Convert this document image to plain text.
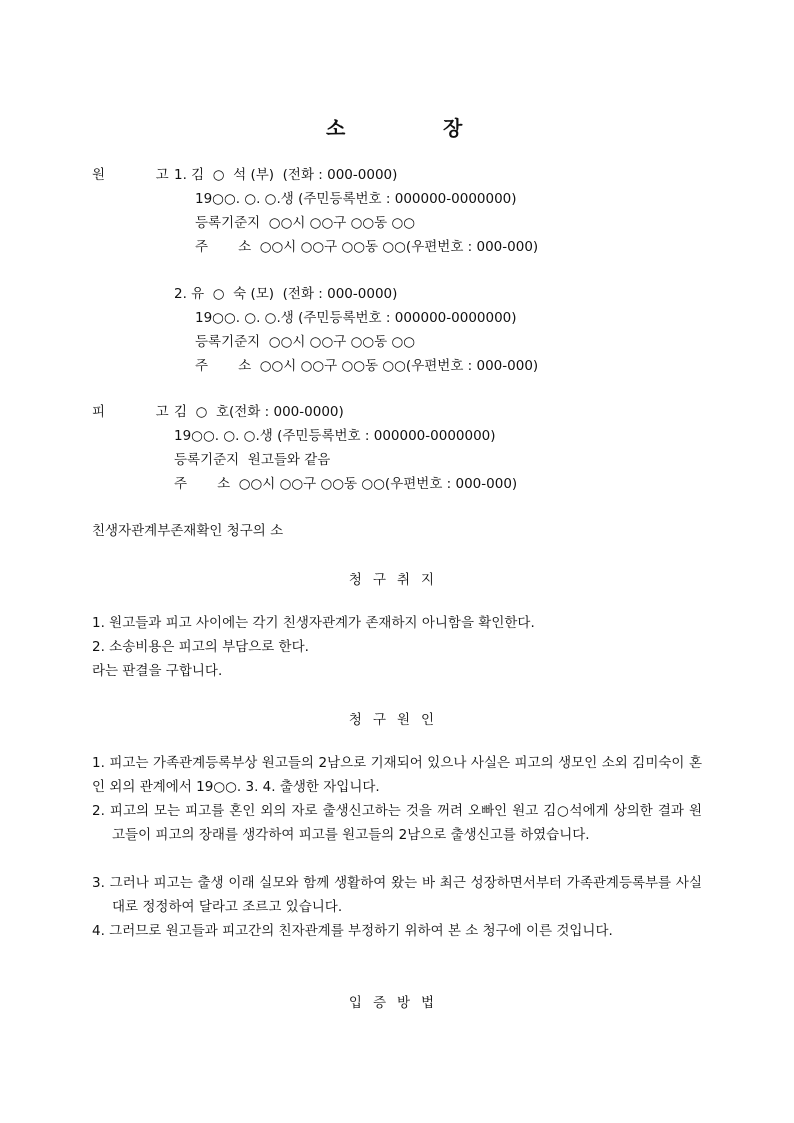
소	장
원  고
1. 김  ○  석 (부)  (전화 : 000-0000)
19○○. ○. ○.생 (주민등록번호 : 000000-0000000)
등록기준지  ○○시 ○○구 ○○동 ○○
주       소  ○○시 ○○구 ○○동 ○○(우편번호 : 000-000)
2. 유  ○  숙 (모)  (전화 : 000-0000)
19○○. ○. ○.생 (주민등록번호 : 000000-0000000)
등록기준지  ○○시 ○○구 ○○동 ○○
주       소  ○○시 ○○구 ○○동 ○○(우편번호 : 000-000)
피  고
김  ○  호(전화 : 000-0000)
19○○. ○. ○.생 (주민등록번호 : 000000-0000000)
등록기준지  원고들와 같음
주       소  ○○시 ○○구 ○○동 ○○(우편번호 : 000-000)
친생자관계부존재확인 청구의 소
청구취지
1. 원고들과 피고 사이에는 각기 친생자관계가 존재하지 아니함을 확인한다.
2. 소송비용은 피고의 부담으로 한다.
라는 판결을 구합니다.
청구원인
1. 피고는 가족관계등록부상 원고들의 2남으로 기재되어 있으나 사실은 피고의 생모인 소외 김미숙이 혼인 외의 관계에서 19○○. 3. 4. 출생한 자입니다.
2. 피고의 모는 피고를 혼인 외의 자로 출생신고하는 것을 꺼려 오빠인 원고 김○석에게 상의한 결과 원고들이 피고의 장래를 생각하여 피고를 원고들의 2남으로 출생신고를 하였습니다.
3. 그러나 피고는 출생 이래 실모와 함께 생활하여 왔는 바 최근 성장하면서부터 가족관계등록부를 사실대로 정정하여 달라고 조르고 있습니다.
4. 그러므로 원고들과 피고간의 친자관계를 부정하기 위하여 본 소 청구에 이른 것입니다.
입증방법
